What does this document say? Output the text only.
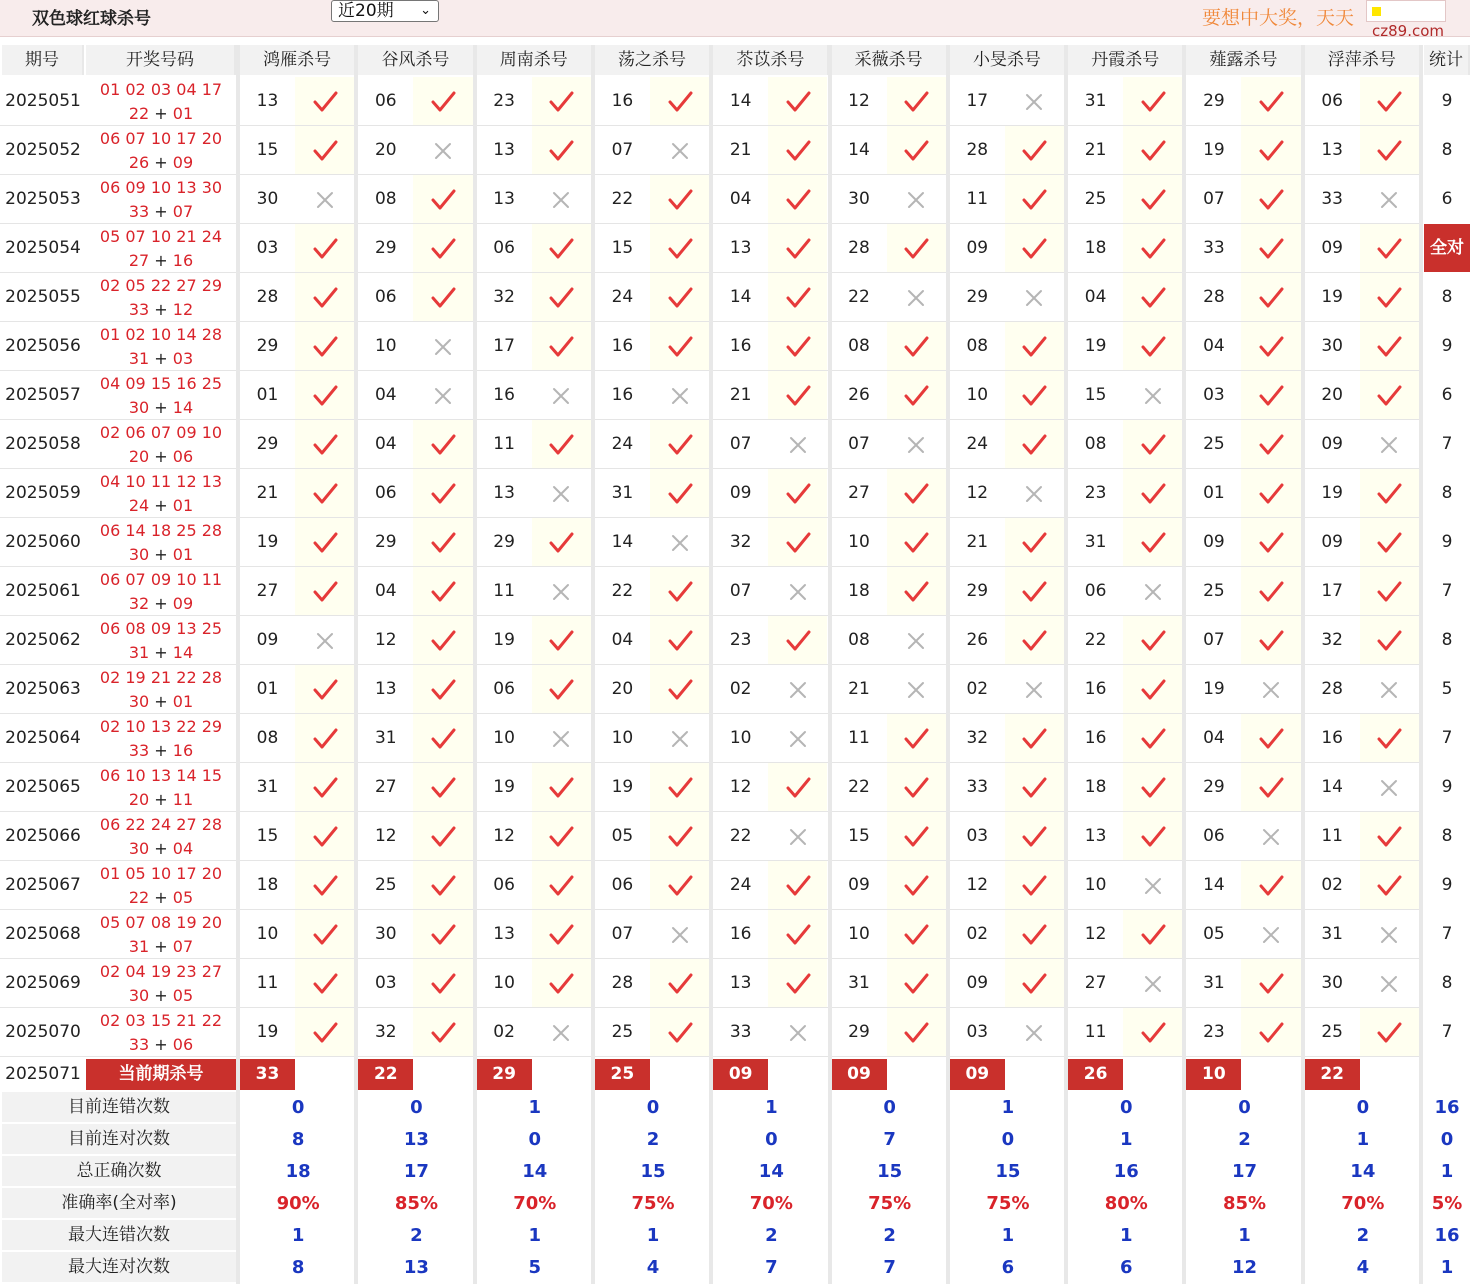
双色球红球杀号	近20期 ⌄	要想中大奖，天天
cz89.com
期号	开奖号码	鸿雁杀号	谷风杀号	周南杀号	荡之杀号	苶苡杀号	采薇杀号	小旻杀号	丹霞杀号	薤露杀号	浮萍杀号	统计
2025051
01 02 03 04 17
22 + 01
13	06	23	16	14	12	17	31	29	06	9
2025052
06 07 10 17 20
26 + 09
15	20	13	07	21	14	28	21	19	13	8
2025053
06 09 10 13 30
33 + 07
30	08	13	22	04	30	11	25	07	33	6
2025054
05 07 10 21 24
27 + 16
03	29	06	15	13	28	09	18	33	09	全对
2025055
02 05 22 27 29
33 + 12
28	06	32	24	14	22	29	04	28	19	8
2025056
01 02 10 14 28
31 + 03
29	10	17	16	16	08	08	19	04	30	9
2025057
04 09 15 16 25
30 + 14
01	04	16	16	21	26	10	15	03	20	6
2025058
02 06 07 09 10
20 + 06
29	04	11	24	07	07	24	08	25	09	7
2025059
04 10 11 12 13
24 + 01
21	06	13	31	09	27	12	23	01	19	8
2025060
06 14 18 25 28
30 + 01
19	29	29	14	32	10	21	31	09	09	9
2025061
06 07 09 10 11
32 + 09
27	04	11	22	07	18	29	06	25	17	7
2025062
06 08 09 13 25
31 + 14
09	12	19	04	23	08	26	22	07	32	8
2025063
02 19 21 22 28
30 + 01
01	13	06	20	02	21	02	16	19	28	5
2025064
02 10 13 22 29
33 + 16
08	31	10	10	10	11	32	16	04	16	7
2025065
06 10 13 14 15
20 + 11
31	27	19	19	12	22	33	18	29	14	9
2025066
06 22 24 27 28
30 + 04
15	12	12	05	22	15	03	13	06	11	8
2025067
01 05 10 17 20
22 + 05
18	25	06	06	24	09	12	10	14	02	9
2025068
05 07 08 19 20
31 + 07
10	30	13	07	16	10	02	12	05	31	7
2025069
02 04 19 23 27
30 + 05
11	03	10	28	13	31	09	27	31	30	8
2025070
02 03 15 21 22
33 + 06
19	32	02	25	33	29	03	11	23	25	7
2025071	当前期杀号	33	22	29	25	09	09	09	26	10	22
目前连错次数	0	0	1	0	1	0	1	0	0	0	16
目前连对次数	8	13	0	2	0	7	0	1	2	1	0
总正确次数	18	17	14	15	14	15	15	16	17	14	1
准确率(全对率)	90%	85%	70%	75%	70%	75%	75%	80%	85%	70%	5%
最大连错次数	1	2	1	1	2	2	1	1	1	2	16
最大连对次数	8	13	5	4	7	7	6	6	12	4	1
